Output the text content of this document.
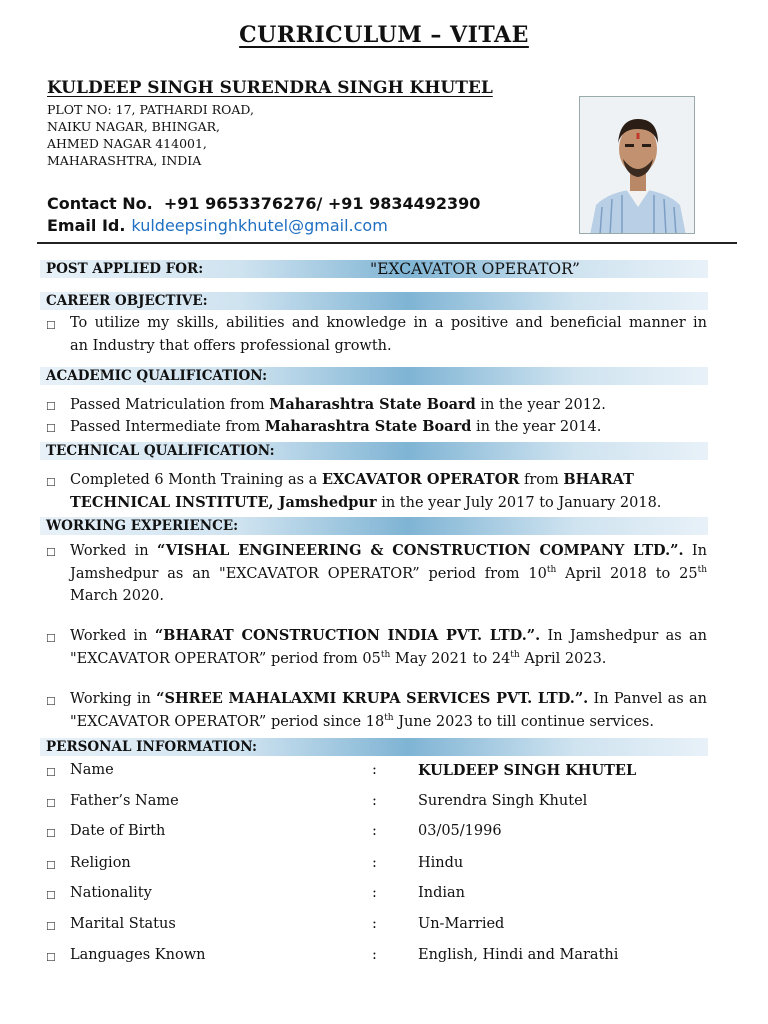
CURRICULUM – VITAE
KULDEEP SINGH SURENDRA SINGH KHUTEL
PLOT NO: 17, PATHARDI ROAD,
NAIKU NAGAR, BHINGAR,
AHMED NAGAR 414001,
MAHARASHTRA, INDIA
Contact No. +91 9653376276/ +91 9834492390
Email Id. kuldeepsinghkhutel@gmail.com
POST APPLIED FOR:	"EXCAVATOR OPERATOR”
CAREER OBJECTIVE:
☐ To utilize my skills, abilities and knowledge in a positive and beneficial manner in
an Industry that offers professional growth.
ACADEMIC QUALIFICATION:
☐ Passed Matriculation from Maharashtra State Board in the year 2012.
☐ Passed Intermediate from Maharashtra State Board in the year 2014.
TECHNICAL QUALIFICATION:
☐ Completed 6 Month Training as a EXCAVATOR OPERATOR from BHARAT
TECHNICAL INSTITUTE, Jamshedpur in the year July 2017 to January 2018.
WORKING EXPERIENCE:
☐ Worked in “VISHAL ENGINEERING & CONSTRUCTION COMPANY LTD.”. In
Jamshedpur as an "EXCAVATOR OPERATOR” period from 10th April 2018 to 25th
March 2020.
☐ Worked in “BHARAT CONSTRUCTION INDIA PVT. LTD.”. In Jamshedpur as an
"EXCAVATOR OPERATOR” period from 05th May 2021 to 24th April 2023.
☐ Working in “SHREE MAHALAXMI KRUPA SERVICES PVT. LTD.”. In Panvel as an
"EXCAVATOR OPERATOR” period since 18th June 2023 to till continue services.
PERSONAL INFORMATION:
☐ Name	:	KULDEEP SINGH KHUTEL
☐ Father’s Name	:	Surendra Singh Khutel
☐ Date of Birth	:	03/05/1996
☐ Religion	:	Hindu
☐ Nationality	:	Indian
☐ Marital Status	:	Un-Married
☐ Languages Known	:	English, Hindi and Marathi
